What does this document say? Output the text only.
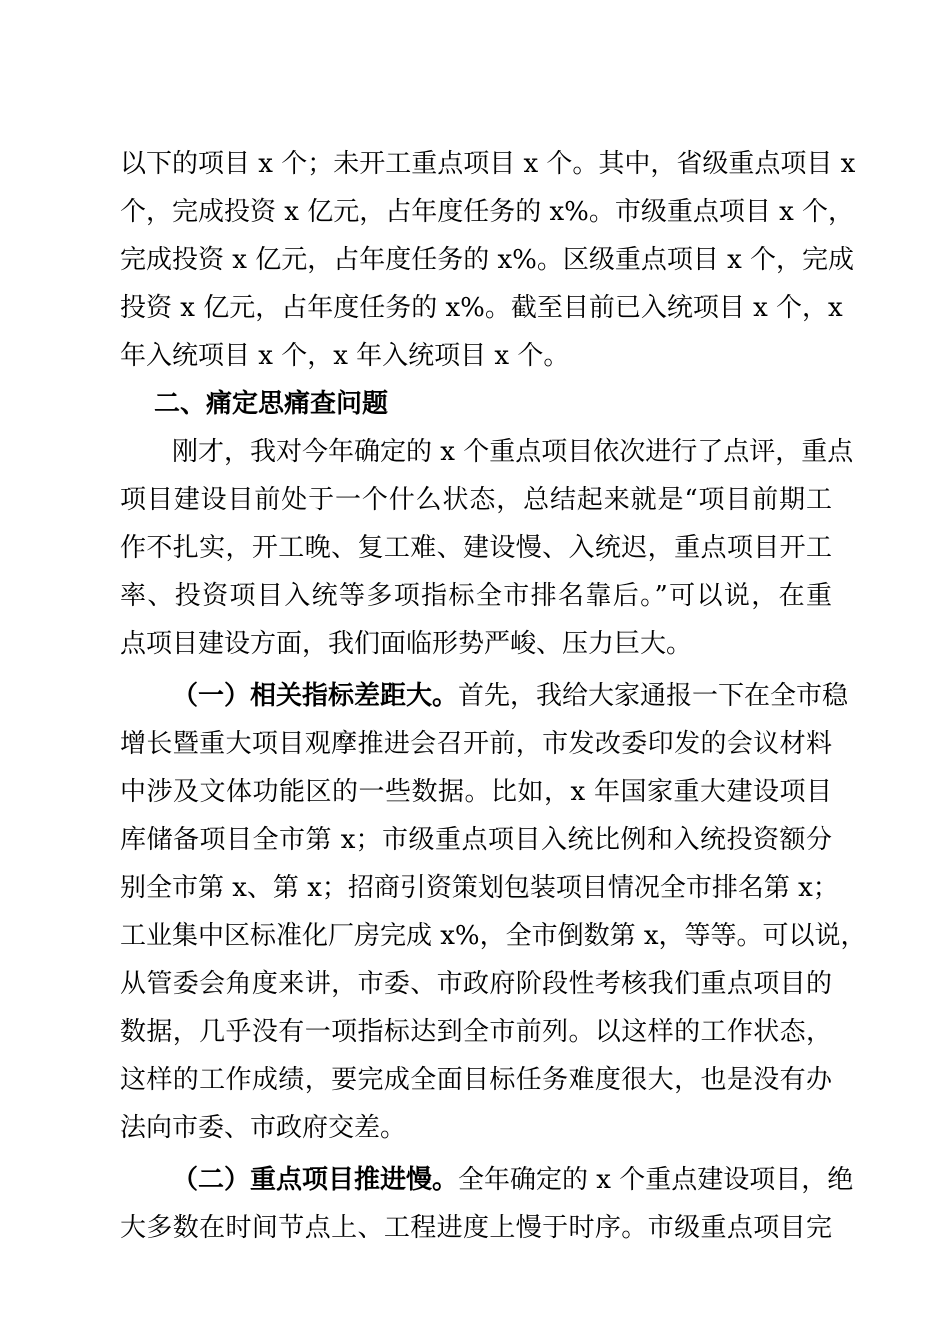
以下的项目 x 个；未开工重点项目 x 个。其中，省级重点项目 x
个，完成投资 x 亿元，占年度任务的 x%。市级重点项目 x 个，
完成投资 x 亿元，占年度任务的 x%。区级重点项目 x 个，完成
投资 x 亿元，占年度任务的 x%。截至目前已入统项目 x 个，x
年入统项目 x 个，x 年入统项目 x 个。
二、痛定思痛查问题
刚才，我对今年确定的 x 个重点项目依次进行了点评，重点
项目建设目前处于一个什么状态，总结起来就是“项目前期工
作不扎实，开工晚、复工难、建设慢、入统迟，重点项目开工
率、投资项目入统等多项指标全市排名靠后。”可以说，在重
点项目建设方面，我们面临形势严峻、压力巨大。
（一）相关指标差距大。首先，我给大家通报一下在全市稳
增长暨重大项目观摩推进会召开前，市发改委印发的会议材料
中涉及文体功能区的一些数据。比如，x 年国家重大建设项目
库储备项目全市第 x；市级重点项目入统比例和入统投资额分
别全市第 x、第 x；招商引资策划包装项目情况全市排名第 x；
工业集中区标准化厂房完成 x%，全市倒数第 x，等等。可以说，
从管委会角度来讲，市委、市政府阶段性考核我们重点项目的
数据，几乎没有一项指标达到全市前列。以这样的工作状态，
这样的工作成绩，要完成全面目标任务难度很大，也是没有办
法向市委、市政府交差。
（二）重点项目推进慢。全年确定的 x 个重点建设项目，绝
大多数在时间节点上、工程进度上慢于时序。市级重点项目完
